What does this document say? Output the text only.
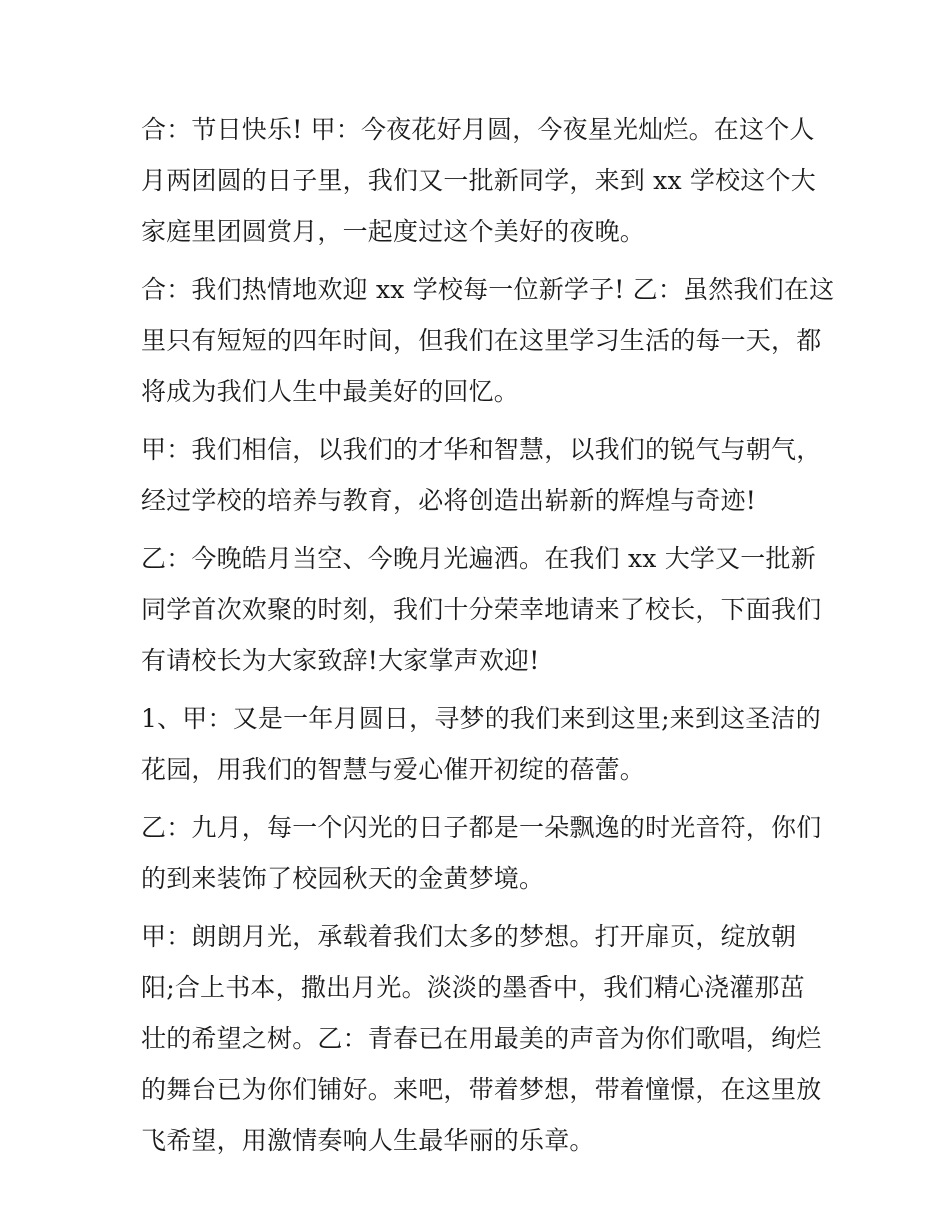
合：节日快乐! 甲：今夜花好月圆，今夜星光灿烂。在这个人
月两团圆的日子里，我们又一批新同学，来到 xx 学校这个大
家庭里团圆赏月，一起度过这个美好的夜晚。

合：我们热情地欢迎 xx 学校每一位新学子! 乙：虽然我们在这
里只有短短的四年时间，但我们在这里学习生活的每一天，都
将成为我们人生中最美好的回忆。

甲：我们相信，以我们的才华和智慧，以我们的锐气与朝气，
经过学校的培养与教育，必将创造出崭新的辉煌与奇迹!

乙：今晚皓月当空、今晚月光遍洒。在我们 xx 大学又一批新
同学首次欢聚的时刻，我们十分荣幸地请来了校长，下面我们
有请校长为大家致辞!大家掌声欢迎!

1、甲：又是一年月圆日，寻梦的我们来到这里;来到这圣洁的
花园，用我们的智慧与爱心催开初绽的蓓蕾。

乙：九月，每一个闪光的日子都是一朵飘逸的时光音符，你们
的到来装饰了校园秋天的金黄梦境。

甲：朗朗月光，承载着我们太多的梦想。打开扉页，绽放朝
阳;合上书本，撒出月光。淡淡的墨香中，我们精心浇灌那茁
壮的希望之树。乙：青春已在用最美的声音为你们歌唱，绚烂
的舞台已为你们铺好。来吧，带着梦想，带着憧憬，在这里放
飞希望，用激情奏响人生最华丽的乐章。
